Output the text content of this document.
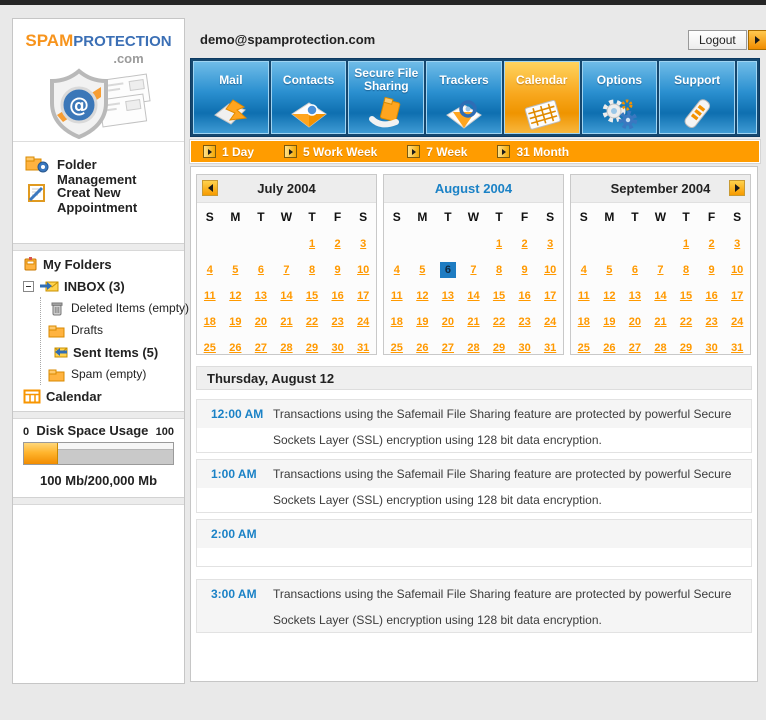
SPAMPROTECTION
.com
@
Folder Management
Creat New Appointment
My Folders
INBOX (3)
Deleted Items (empty)
Drafts
Sent Items (5)
Spam (empty)
Calendar
0 Disk Space Usage 100
100 Mb/200,000 Mb
demo@spamprotection.com	Logout
Mail	Contacts	Secure File Sharing	Trackers	Calendar	Options	Support
1 Day	5 Work Week	7 Week	31 Month
July 2004
S	M	T	W	T	F	S
				1	2	3
4	5	6	7	8	9	10
11	12	13	14	15	16	17
18	19	20	21	22	23	24
25	26	27	28	29	30	31
August 2004
S	M	T	W	T	F	S
				1	2	3
4	5	6	7	8	9	10
11	12	13	14	15	16	17
18	19	20	21	22	23	24
25	26	27	28	29	30	31
September 2004
S	M	T	W	T	F	S
				1	2	3
4	5	6	7	8	9	10
11	12	13	14	15	16	17
18	19	20	21	22	23	24
25	26	27	28	29	30	31
Thursday, August 12
12:00 AM Transactions using the Safemail File Sharing feature are protected by powerful Secure
Sockets Layer (SSL) encryption using 128 bit data encryption.
1:00 AM	Transactions using the Safemail File Sharing feature are protected by powerful Secure
Sockets Layer (SSL) encryption using 128 bit data encryption.
2:00 AM
3:00 AM	Transactions using the Safemail File Sharing feature are protected by powerful Secure
Sockets Layer (SSL) encryption using 128 bit data encryption.
